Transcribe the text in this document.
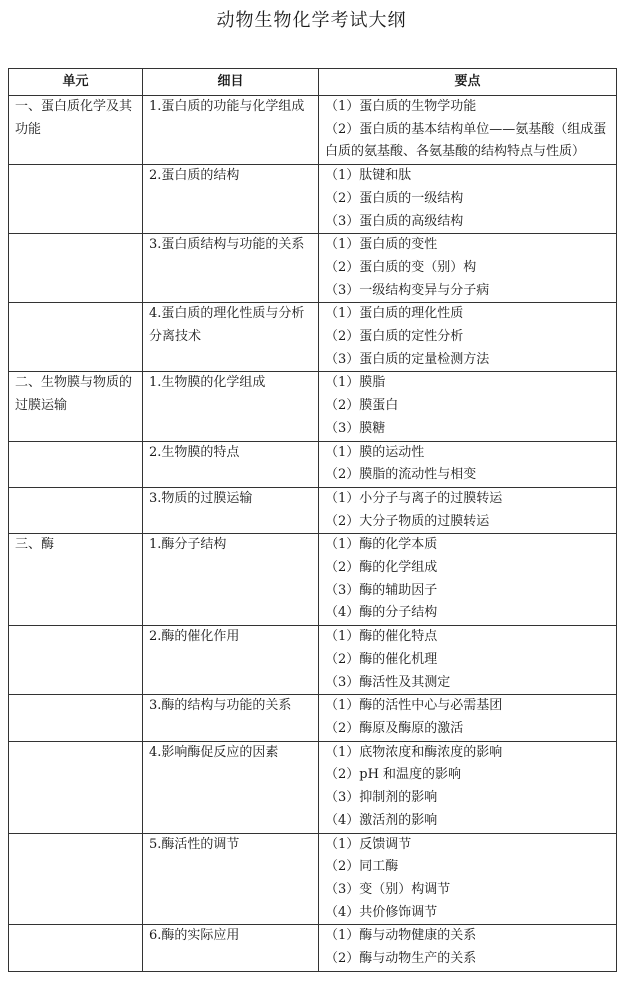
动物生物化学考试大纲
单元	细目	要点

一、蛋白质化学及其功能	1.蛋白质的功能与化学组成	（1）蛋白质的生物学功能
（2）蛋白质的基本结构单位——氨基酸（组成蛋白质的氨基酸、各氨基酸的结构特点与性质）

	2.蛋白质的结构	（1）肽键和肽
（2）蛋白质的一级结构
（3）蛋白质的高级结构

	3.蛋白质结构与功能的关系	（1）蛋白质的变性
（2）蛋白质的变（别）构
（3）一级结构变异与分子病

	4.蛋白质的理化性质与分析分离技术	（1）蛋白质的理化性质
（2）蛋白质的定性分析
（3）蛋白质的定量检测方法

二、生物膜与物质的过膜运输	1.生物膜的化学组成	（1）膜脂
（2）膜蛋白
（3）膜糖

	2.生物膜的特点	（1）膜的运动性
（2）膜脂的流动性与相变

	3.物质的过膜运输	（1）小分子与离子的过膜转运
（2）大分子物质的过膜转运

三、酶	1.酶分子结构	（1）酶的化学本质
（2）酶的化学组成
（3）酶的辅助因子
（4）酶的分子结构

	2.酶的催化作用	（1）酶的催化特点
（2）酶的催化机理
（3）酶活性及其测定

	3.酶的结构与功能的关系	（1）酶的活性中心与必需基团
（2）酶原及酶原的激活

	4.影响酶促反应的因素	（1）底物浓度和酶浓度的影响
（2）pH 和温度的影响
（3）抑制剂的影响
（4）激活剂的影响

	5.酶活性的调节	（1）反馈调节
（2）同工酶
（3）变（别）构调节
（4）共价修饰调节

	6.酶的实际应用	（1）酶与动物健康的关系
（2）酶与动物生产的关系
